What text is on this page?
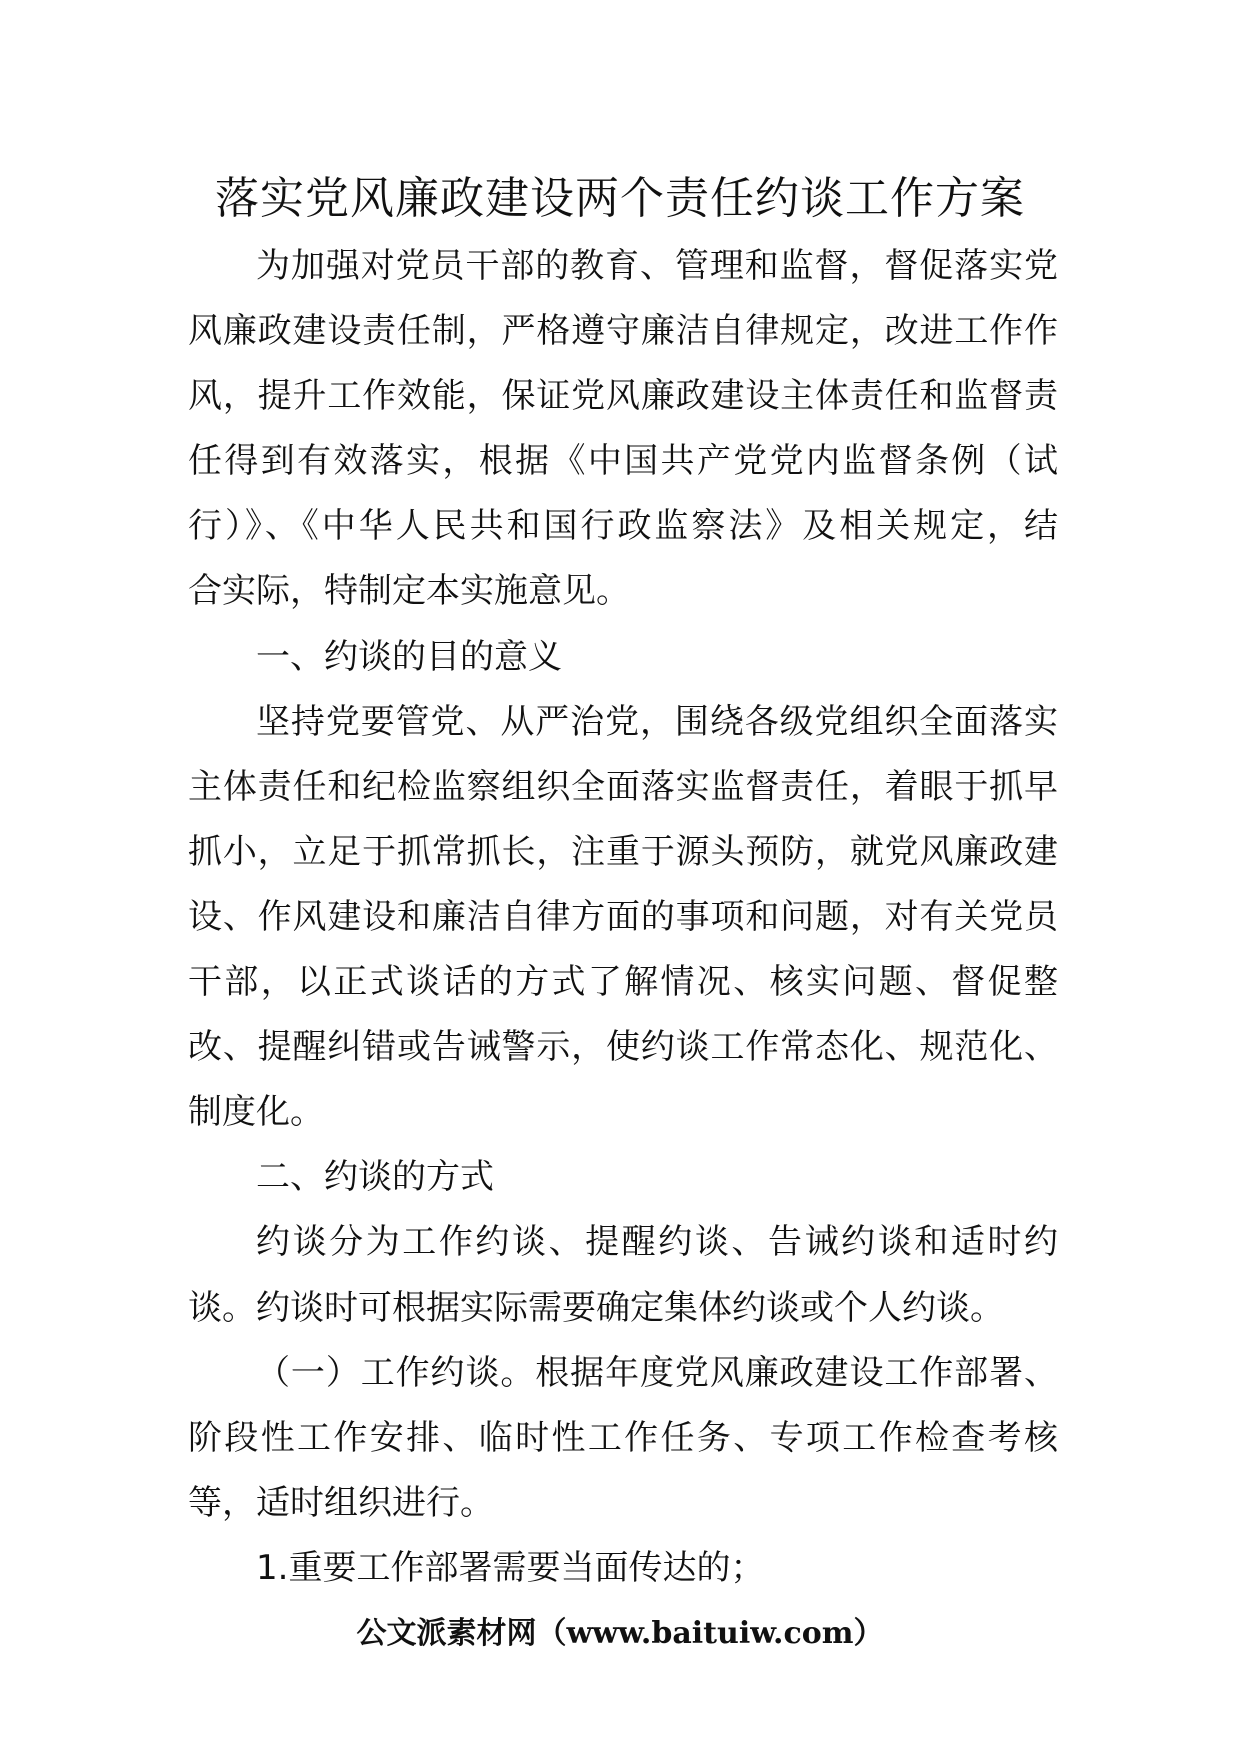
落实党风廉政建设两个责任约谈工作方案
为加强对党员干部的教育、管理和监督，督促落实党
风廉政建设责任制，严格遵守廉洁自律规定，改进工作作
风，提升工作效能，保证党风廉政建设主体责任和监督责
任得到有效落实，根据《中国共产党党内监督条例（试
行）》、《中华人民共和国行政监察法》及相关规定，结
合实际，特制定本实施意见。
一、约谈的目的意义
坚持党要管党、从严治党，围绕各级党组织全面落实
主体责任和纪检监察组织全面落实监督责任，着眼于抓早
抓小，立足于抓常抓长，注重于源头预防，就党风廉政建
设、作风建设和廉洁自律方面的事项和问题，对有关党员
干部，以正式谈话的方式了解情况、核实问题、督促整
改、提醒纠错或告诫警示，使约谈工作常态化、规范化、
制度化。
二、约谈的方式
约谈分为工作约谈、提醒约谈、告诫约谈和适时约
谈。约谈时可根据实际需要确定集体约谈或个人约谈。
（一）工作约谈。根据年度党风廉政建设工作部署、
阶段性工作安排、临时性工作任务、专项工作检查考核
等，适时组织进行。
1.重要工作部署需要当面传达的；
公文派素材网（www.baituiw.com）
